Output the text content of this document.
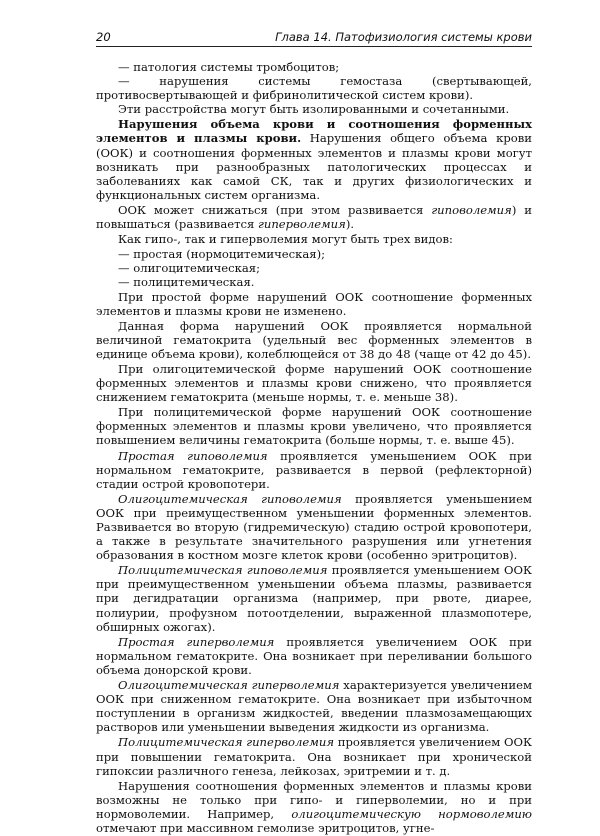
20	Глава 14. Патофизиология системы крови

— патология системы тромбоцитов;

— нарушения системы гемостаза (свертывающей, противосвертывающей и фибринолитической систем крови).

Эти расстройства могут быть изолированными и сочетанными.

Нарушения объема крови и соотношения форменных элементов и плазмы крови. Нарушения общего объема крови (ООК) и соотношения форменных элементов и плазмы крови могут возникать при разнообразных патологических процессах и заболеваниях как самой СК, так и других физиологических и функциональных систем организма.

ООК может снижаться (при этом развивается гиповолемия) и повышаться (развивается гиперволемия).

Как гипо-, так и гиперволемия могут быть трех видов:

— простая (нормоцитемическая);

— олигоцитемическая;

— полицитемическая.

При простой форме нарушений ООК соотношение форменных элементов и плазмы крови не изменено.

Данная форма нарушений ООК проявляется нормальной величиной гематокрита (удельный вес форменных элементов в единице объема крови), колеблющейся от 38 до 48 (чаще от 42 до 45).

При олигоцитемической форме нарушений ООК соотношение форменных элементов и плазмы крови снижено, что проявляется снижением гематокрита (меньше нормы, т. е. меньше 38).

При полицитемической форме нарушений ООК соотношение форменных элементов и плазмы крови увеличено, что проявляется повышением величины гематокрита (больше нормы, т. е. выше 45).

Простая гиповолемия проявляется уменьшением ООК при нормальном гематокрите, развивается в первой (рефлекторной) стадии острой кровопотери.

Олигоцитемическая гиповолемия проявляется уменьшением ООК при преимущественном уменьшении форменных элементов. Развивается во вторую (гидремическую) стадию острой кровопотери, а также в результате значительного разрушения или угнетения образования в костном мозге клеток крови (особенно эритроцитов).

Полицитемическая гиповолемия проявляется уменьшением ООК при преимущественном уменьшении объема плазмы, развивается при дегидратации организма (например, при рвоте, диарее, полиурии, профузном потоотделении, выраженной плазмопотере, обширных ожогах).

Простая гиперволемия проявляется увеличением ООК при нормальном гематокрите. Она возникает при переливании большого объема донорской крови.

Олигоцитемическая гиперволемия характеризуется увеличением ООК при сниженном гематокрите. Она возникает при избыточном поступлении в организм жидкостей, введении плазмозамещающих растворов или уменьшении выведения жидкости из организма.

Полицитемическая гиперволемия проявляется увеличением ООК при повышении гематокрита. Она возникает при хронической гипоксии различного генеза, лейкозах, эритремии и т. д.

Нарушения соотношения форменных элементов и плазмы крови возможны не только при гипо- и гиперволемии, но и при нормоволемии. Например, олигоцитемическую нормоволемию отмечают при массивном гемолизе эритроцитов, угне-
